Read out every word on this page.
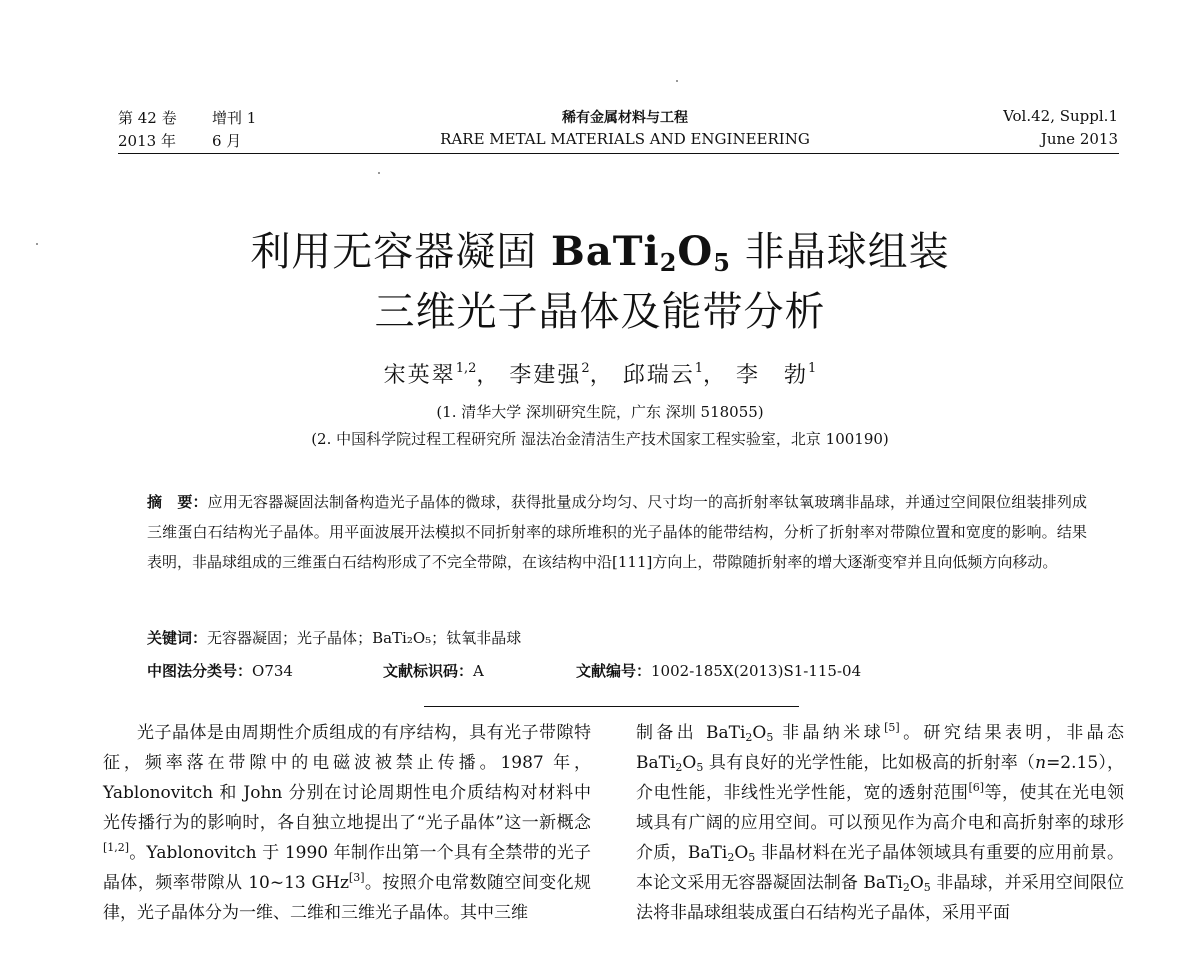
第 42 卷 增刊 1
2013 年 6 月
稀有金属材料与工程
RARE METAL MATERIALS AND ENGINEERING
Vol.42, Suppl.1
June 2013
利用无容器凝固 $BaTi_2O_5$ 非晶球组装
三维光子晶体及能带分析
宋英翠$^{1,2}$， 李建强$^2$， 邱瑞云$^1$， 李　勃$^1$
(1. 清华大学 深圳研究生院，广东 深圳 518055)
(2. 中国科学院过程工程研究所 湿法冶金清洁生产技术国家工程实验室，北京 100190)
摘　要：应用无容器凝固法制备构造光子晶体的微球，获得批量成分均匀、尺寸均一的高折射率钛氧玻璃非晶球，并通过空间限位组装排列成三维蛋白石结构光子晶体。用平面波展开法模拟不同折射率的球所堆积的光子晶体的能带结构，分析了折射率对带隙位置和宽度的影响。结果表明，非晶球组成的三维蛋白石结构形成了不完全带隙，在该结构中沿[111]方向上，带隙随折射率的增大逐渐变窄并且向低频方向移动。
关键词：无容器凝固；光子晶体；BaTi₂O₅；钛氧非晶球
中图法分类号：O734	文献标识码：A	文献编号：1002-185X(2013)S1-115-04

光子晶体是由周期性介质组成的有序结构，具有光子带隙特征，频率落在带隙中的电磁波被禁止传播。1987 年，Yablonovitch 和 John 分别在讨论周期性电介质结构对材料中光传播行为的影响时，各自独立地提出了“光子晶体”这一新概念[1,2]。Yablonovitch 于 1990 年制作出第一个具有全禁带的光子晶体，频率带隙从 10~13 GHz[3]。按照介电常数随空间变化规律，光子晶体分为一维、二维和三维光子晶体。其中三维

制备出 $BaTi_2O_5$ 非晶纳米球[5]。研究结果表明，非晶态 $BaTi_2O_5$ 具有良好的光学性能，比如极高的折射率（n=2.15），介电性能，非线性光学性能，宽的透射范围[6]等，使其在光电领域具有广阔的应用空间。可以预见作为高介电和高折射率的球形介质，$BaTi_2O_5$ 非晶材料在光子晶体领域具有重要的应用前景。本论文采用无容器凝固法制备 $BaTi_2O_5$ 非晶球，并采用空间限位法将非晶球组装成蛋白石结构光子晶体，采用平面
